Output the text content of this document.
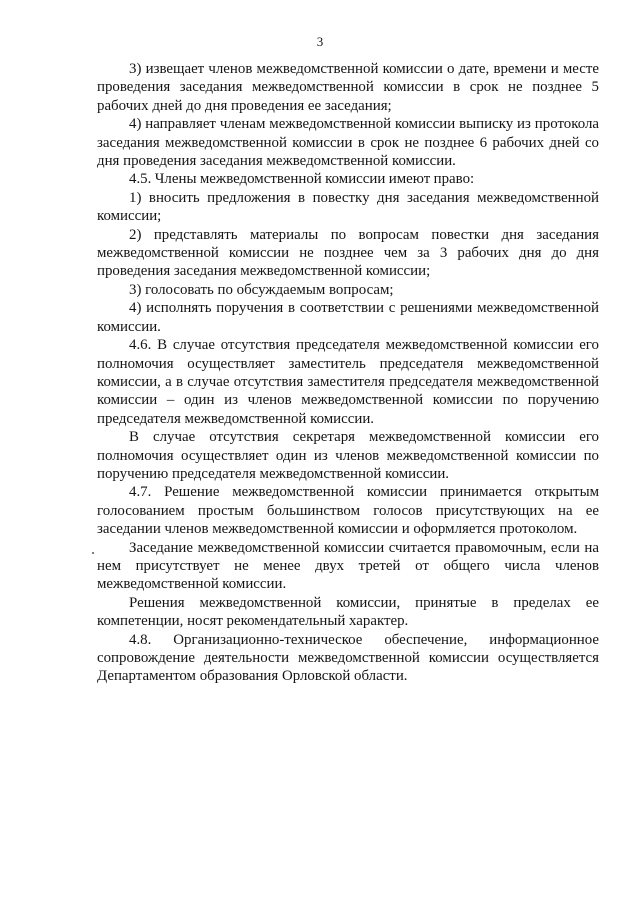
3

3) извещает членов межведомственной комиссии о дате, времени и месте проведения заседания межведомственной комиссии в срок не позднее 5 рабочих дней до дня проведения ее заседания;

4) направляет членам межведомственной комиссии выписку из протокола заседания межведомственной комиссии в срок не позднее 6 рабочих дней со дня проведения заседания межведомственной комиссии.

4.5. Члены межведомственной комиссии имеют право:

1) вносить предложения в повестку дня заседания межведомственной комиссии;

2) представлять материалы по вопросам повестки дня заседания межведомственной комиссии не позднее чем за 3 рабочих дня до дня проведения заседания межведомственной комиссии;

3) голосовать по обсуждаемым вопросам;

4) исполнять поручения в соответствии с решениями межведомственной комиссии.

4.6. В случае отсутствия председателя межведомственной комиссии его полномочия осуществляет заместитель председателя межведомственной комиссии, а в случае отсутствия заместителя председателя межведомственной комиссии – один из членов межведомственной комиссии по поручению председателя межведомственной комиссии.

В случае отсутствия секретаря межведомственной комиссии его полномочия осуществляет один из членов межведомственной комиссии по поручению председателя межведомственной комиссии.

4.7. Решение межведомственной комиссии принимается открытым голосованием простым большинством голосов присутствующих на ее заседании членов межведомственной комиссии и оформляется протоколом.

Заседание межведомственной комиссии считается правомочным, если на нем присутствует не менее двух третей от общего числа членов межведомственной комиссии.

Решения межведомственной комиссии, принятые в пределах ее компетенции, носят рекомендательный характер.

4.8. Организационно-техническое обеспечение, информационное сопровождение деятельности межведомственной комиссии осуществляется Департаментом образования Орловской области.
